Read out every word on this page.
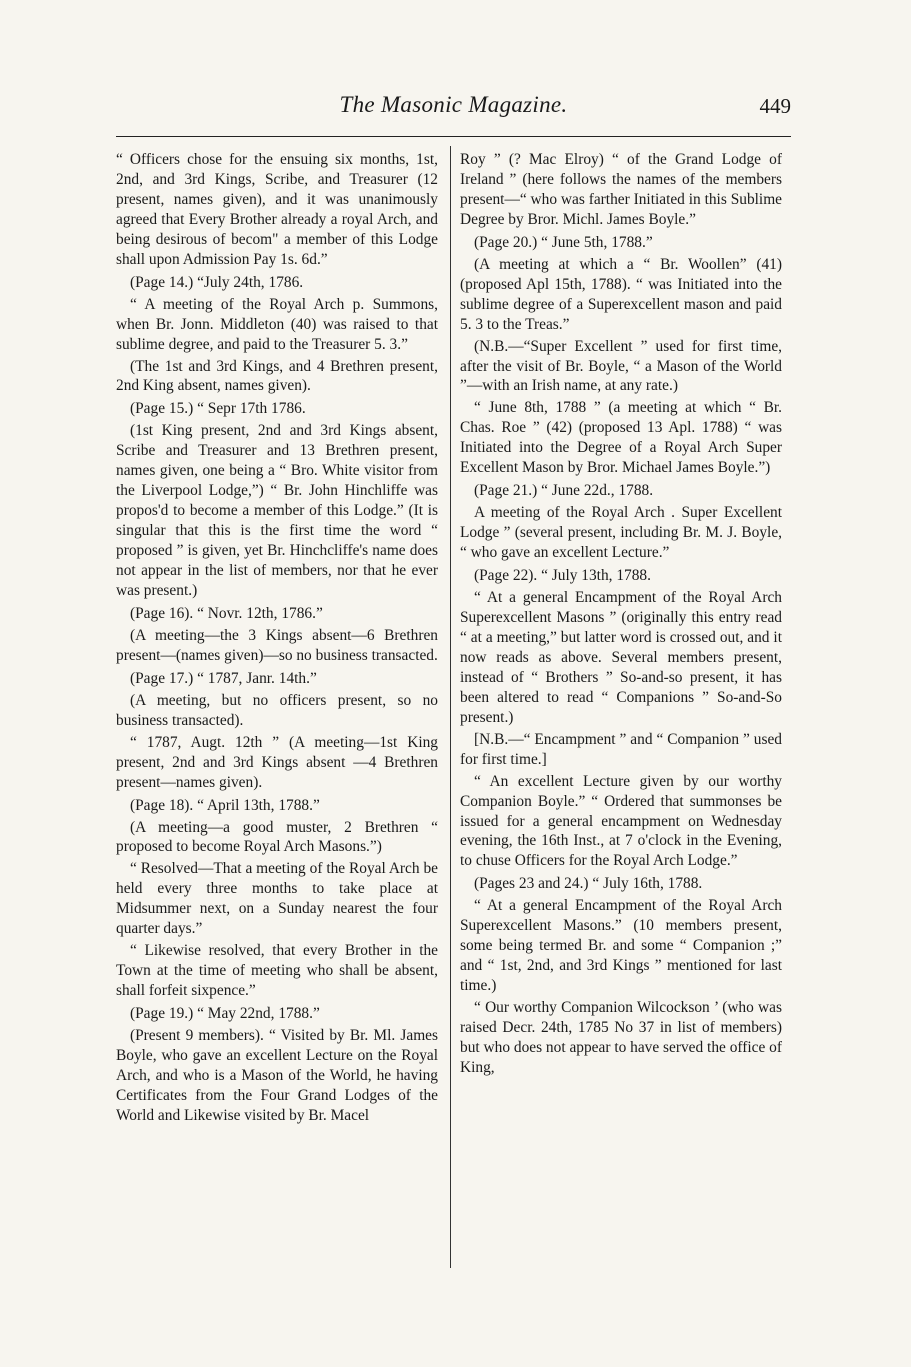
The Masonic Magazine.	449

“ Officers chose for the ensuing six months, 1st, 2nd, and 3rd Kings, Scribe, and Treasurer (12 present, names given), and it was unanimously agreed that Every Brother already a royal Arch, and being desirous of becom" a member of this Lodge shall upon Admission Pay 1s. 6d.”

(Page 14.) “July 24th, 1786.

“ A meeting of the Royal Arch p. Summons, when Br. Jonn. Middleton (40) was raised to that sublime degree, and paid to the Treasurer 5. 3.”

(The 1st and 3rd Kings, and 4 Brethren present, 2nd King absent, names given).

(Page 15.) “ Sepr 17th 1786.

(1st King present, 2nd and 3rd Kings absent, Scribe and Treasurer and 13 Brethren present, names given, one being a “ Bro. White visitor from the Liverpool Lodge,”) “ Br. John Hinchliffe was propos'd to become a member of this Lodge.” (It is singular that this is the first time the word “ proposed ” is given, yet Br. Hinchcliffe's name does not appear in the list of members, nor that he ever was present.)

(Page 16). “ Novr. 12th, 1786.”

(A meeting—the 3 Kings absent—6 Brethren present—(names given)—so no business transacted.

(Page 17.) “ 1787, Janr. 14th.”

(A meeting, but no officers present, so no business transacted).

“ 1787, Augt. 12th ” (A meeting—1st King present, 2nd and 3rd Kings absent —4 Brethren present—names given).

(Page 18). “ April 13th, 1788.”

(A meeting—a good muster, 2 Brethren “ proposed to become Royal Arch Masons.”)

“ Resolved—That a meeting of the Royal Arch be held every three months to take place at Midsummer next, on a Sunday nearest the four quarter days.”

“ Likewise resolved, that every Brother in the Town at the time of meeting who shall be absent, shall forfeit sixpence.”

(Page 19.) “ May 22nd, 1788.”

(Present 9 members). “ Visited by Br. Ml. James Boyle, who gave an excellent Lecture on the Royal Arch, and who is a Mason of the World, he having Certificates from the Four Grand Lodges of the World and Likewise visited by Br. Macel

Roy ” (? Mac Elroy) “ of the Grand Lodge of Ireland ” (here follows the names of the members present—“ who was farther Initiated in this Sublime Degree by Bror. Michl. James Boyle.”

(Page 20.) “ June 5th, 1788.”

(A meeting at which a “ Br. Woollen” (41) (proposed Apl 15th, 1788). “ was Initiated into the sublime degree of a Superexcellent mason and paid 5. 3 to the Treas.”

(N.B.—“Super Excellent ” used for first time, after the visit of Br. Boyle, “ a Mason of the World ”—with an Irish name, at any rate.)

“ June 8th, 1788 ” (a meeting at which “ Br. Chas. Roe ” (42) (proposed 13 Apl. 1788) “ was Initiated into the Degree of a Royal Arch Super Excellent Mason by Bror. Michael James Boyle.”)

(Page 21.) “ June 22d., 1788.

A meeting of the Royal Arch . Super Excellent Lodge ” (several present, including Br. M. J. Boyle, “ who gave an excellent Lecture.”

(Page 22). “ July 13th, 1788.

“ At a general Encampment of the Royal Arch Superexcellent Masons ” (originally this entry read “ at a meeting,” but latter word is crossed out, and it now reads as above. Several members present, instead of “ Brothers ” So-and-so present, it has been altered to read “ Companions ” So-and-So present.)

[N.B.—“ Encampment ” and “ Companion ” used for first time.]

“ An excellent Lecture given by our worthy Companion Boyle.” “ Ordered that summonses be issued for a general encampment on Wednesday evening, the 16th Inst., at 7 o'clock in the Evening, to chuse Officers for the Royal Arch Lodge.”

(Pages 23 and 24.) “ July 16th, 1788.

“ At a general Encampment of the Royal Arch Superexcellent Masons.” (10 members present, some being termed Br. and some “ Companion ;” and “ 1st, 2nd, and 3rd Kings ” mentioned for last time.)

“ Our worthy Companion Wilcockson ’ (who was raised Decr. 24th, 1785 No 37 in list of members) but who does not appear to have served the office of King,
